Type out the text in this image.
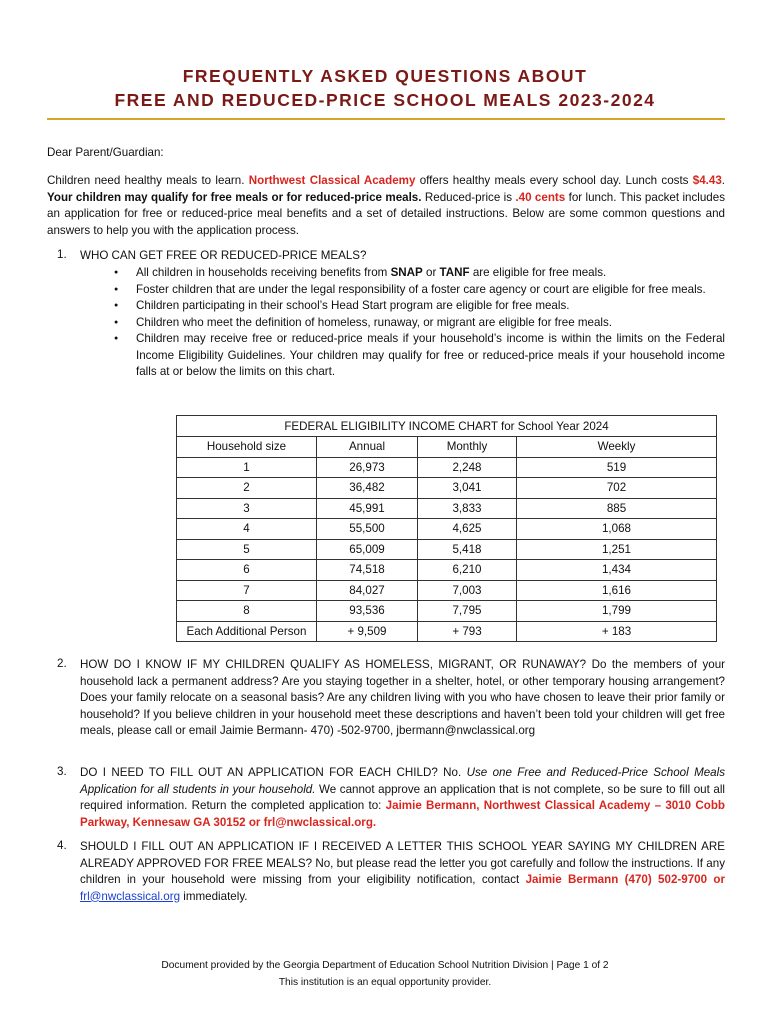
FREQUENTLY ASKED QUESTIONS ABOUT
FREE AND REDUCED-PRICE SCHOOL MEALS 2023-2024
Dear Parent/Guardian:
Children need healthy meals to learn. Northwest Classical Academy offers healthy meals every school day. Lunch costs $4.43. Your children may qualify for free meals or for reduced-price meals. Reduced-price is .40 cents for lunch. This packet includes an application for free or reduced-price meal benefits and a set of detailed instructions. Below are some common questions and answers to help you with the application process.
1. WHO CAN GET FREE OR REDUCED-PRICE MEALS?
● All children in households receiving benefits from SNAP or TANF are eligible for free meals.
● Foster children that are under the legal responsibility of a foster care agency or court are eligible for free meals.
● Children participating in their school’s Head Start program are eligible for free meals.
● Children who meet the definition of homeless, runaway, or migrant are eligible for free meals.
● Children may receive free or reduced-price meals if your household’s income is within the limits on the Federal Income Eligibility Guidelines. Your children may qualify for free or reduced-price meals if your household income falls at or below the limits on this chart.
FEDERAL ELIGIBILITY INCOME CHART for School Year 2024			
Household size	Annual	Monthly	Weekly
1	26,973	2,248	519
2	36,482	3,041	702
3	45,991	3,833	885
4	55,500	4,625	1,068
5	65,009	5,418	1,251
6	74,518	6,210	1,434
7	84,027	7,003	1,616
8	93,536	7,795	1,799
Each Additional Person	+ 9,509	+ 793	+ 183
2. HOW DO I KNOW IF MY CHILDREN QUALIFY AS HOMELESS, MIGRANT, OR RUNAWAY? Do the members of your household lack a permanent address? Are you staying together in a shelter, hotel, or other temporary housing arrangement? Does your family relocate on a seasonal basis? Are any children living with you who have chosen to leave their prior family or household? If you believe children in your household meet these descriptions and haven’t been told your children will get free meals, please call or email Jaimie Bermann- 470) -502-9700, jbermann@nwclassical.org
3. DO I NEED TO FILL OUT AN APPLICATION FOR EACH CHILD? No. Use one Free and Reduced-Price School Meals Application for all students in your household. We cannot approve an application that is not complete, so be sure to fill out all required information. Return the completed application to: Jaimie Bermann, Northwest Classical Academy – 3010 Cobb Parkway, Kennesaw GA 30152 or frl@nwclassical.org.
4. SHOULD I FILL OUT AN APPLICATION IF I RECEIVED A LETTER THIS SCHOOL YEAR SAYING MY CHILDREN ARE ALREADY APPROVED FOR FREE MEALS? No, but please read the letter you got carefully and follow the instructions. If any children in your household were missing from your eligibility notification, contact Jaimie Bermann (470) 502-9700 or frl@nwclassical.org immediately.
Document provided by the Georgia Department of Education School Nutrition Division | Page 1 of 2
This institution is an equal opportunity provider.
